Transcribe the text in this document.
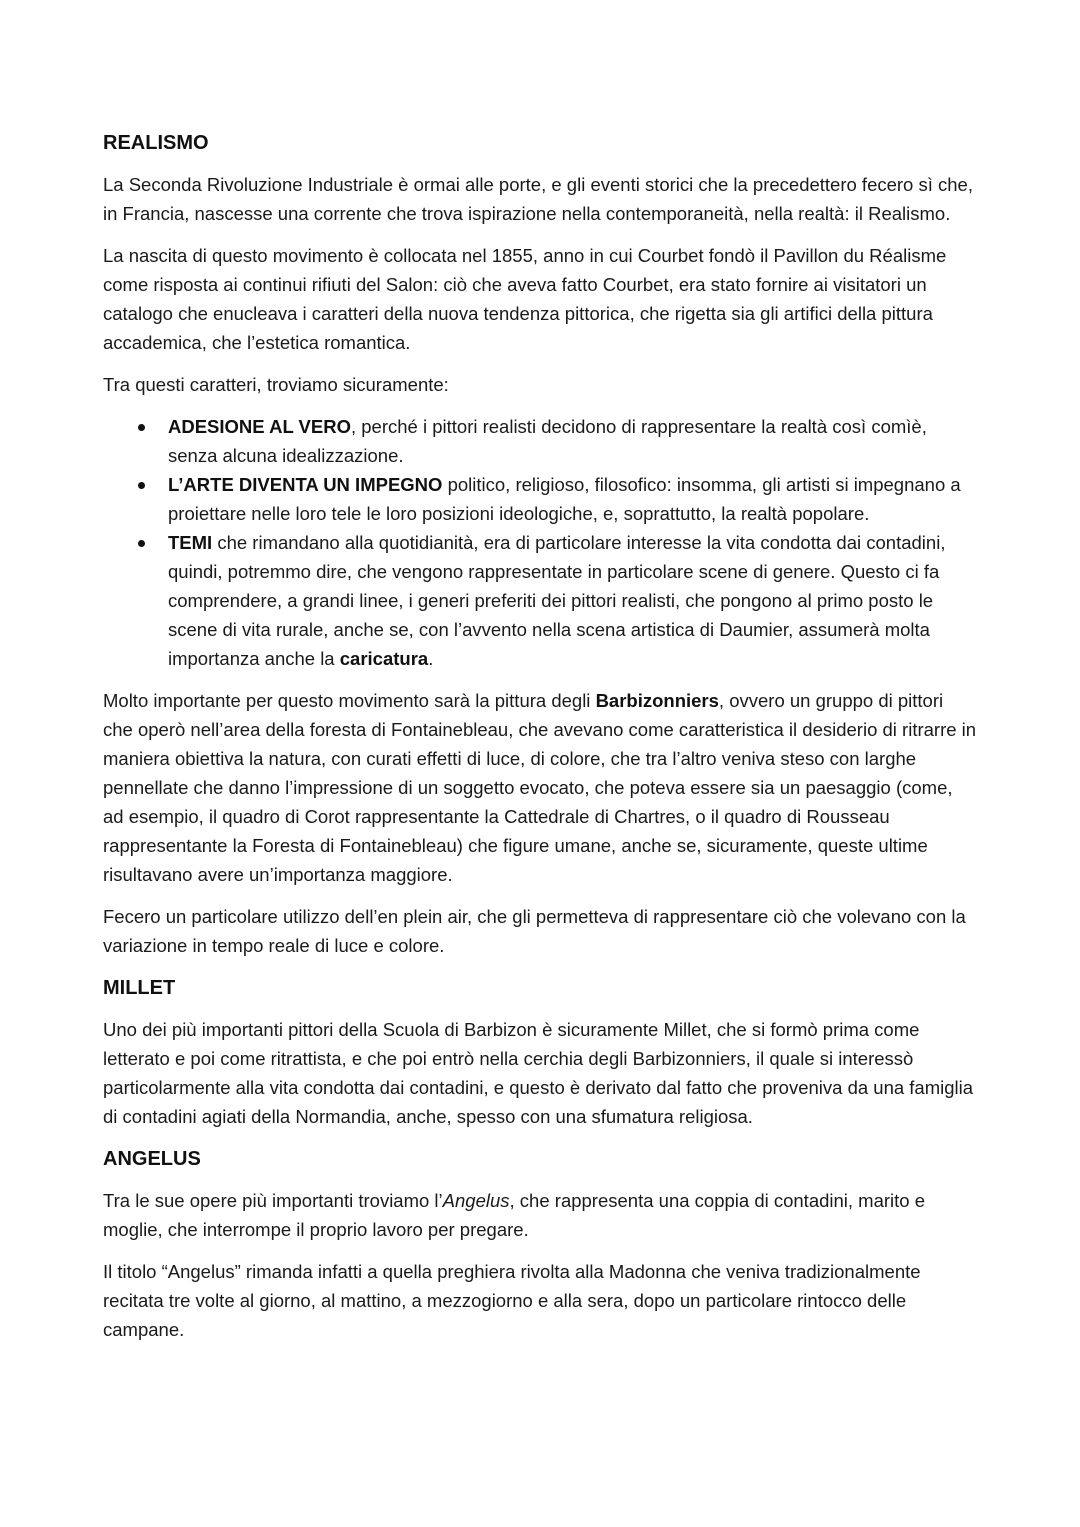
REALISMO

La Seconda Rivoluzione Industriale è ormai alle porte, e gli eventi storici che la precedettero fecero sì che, in Francia, nascesse una corrente che trova ispirazione nella contemporaneità, nella realtà: il Realismo.

La nascita di questo movimento è collocata nel 1855, anno in cui Courbet fondò il Pavillon du Réalisme come risposta ai continui rifiuti del Salon: ciò che aveva fatto Courbet, era stato fornire ai visitatori un catalogo che enucleava i caratteri della nuova tendenza pittorica, che rigetta sia gli artifici della pittura accademica, che l’estetica romantica.

Tra questi caratteri, troviamo sicuramente:

ADESIONE AL VERO, perché i pittori realisti decidono di rappresentare la realtà così comìè, senza alcuna idealizzazione.
L’ARTE DIVENTA UN IMPEGNO politico, religioso, filosofico: insomma, gli artisti si impegnano a proiettare nelle loro tele le loro posizioni ideologiche, e, soprattutto, la realtà popolare.
TEMI che rimandano alla quotidianità, era di particolare interesse la vita condotta dai contadini, quindi, potremmo dire, che vengono rappresentate in particolare scene di genere. Questo ci fa comprendere, a grandi linee, i generi preferiti dei pittori realisti, che pongono al primo posto le scene di vita rurale, anche se, con l’avvento nella scena artistica di Daumier, assumerà molta importanza anche la caricatura.

Molto importante per questo movimento sarà la pittura degli Barbizonniers, ovvero un gruppo di pittori che operò nell’area della foresta di Fontainebleau, che avevano come caratteristica il desiderio di ritrarre in maniera obiettiva la natura, con curati effetti di luce, di colore, che tra l’altro veniva steso con larghe pennellate che danno l’impressione di un soggetto evocato, che poteva essere sia un paesaggio (come, ad esempio, il quadro di Corot rappresentante la Cattedrale di Chartres, o il quadro di Rousseau rappresentante la Foresta di Fontainebleau) che figure umane, anche se, sicuramente, queste ultime risultavano avere un’importanza maggiore.

Fecero un particolare utilizzo dell’en plein air, che gli permetteva di rappresentare ciò che volevano con la variazione in tempo reale di luce e colore.

MILLET

Uno dei più importanti pittori della Scuola di Barbizon è sicuramente Millet, che si formò prima come letterato e poi come ritrattista, e che poi entrò nella cerchia degli Barbizonniers, il quale si interessò particolarmente alla vita condotta dai contadini, e questo è derivato dal fatto che proveniva da una famiglia di contadini agiati della Normandia, anche, spesso con una sfumatura religiosa.

ANGELUS

Tra le sue opere più importanti troviamo l’Angelus, che rappresenta una coppia di contadini, marito e moglie, che interrompe il proprio lavoro per pregare.

Il titolo “Angelus” rimanda infatti a quella preghiera rivolta alla Madonna che veniva tradizionalmente recitata tre volte al giorno, al mattino, a mezzogiorno e alla sera, dopo un particolare rintocco delle campane.
